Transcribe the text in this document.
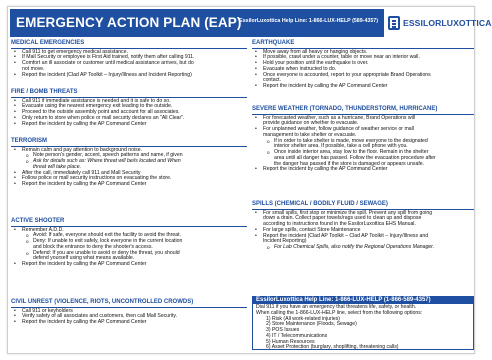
EMERGENCY ACTION PLAN (EAP)
EssilorLuxottica Help Line: 1-866-LUX-HELP (589-4357)	ESSILORLUXOTTICA
MEDICAL EMERGENCIES
• Call 911 to get emergency medical assistance.
• If Mall Security or employee is First Aid trained, notify them after calling 911.
• Comfort an ill associate or customer until medical assistance arrives, but do
not move.
• Report the incident (Clad AP Toolkit – Injury/Illness and Incident Reporting)
FIRE / BOMB THREATS
• Call 911 if immediate assistance is needed and it is safe to do so.
• Evacuate using the nearest emergency exit leading to the outside.
• Proceed to the outside assembly point and account for all associates.
• Only return to store when police or mall security declares an "All Clear".
• Report the incident by calling the AP Command Center
TERRORISM
• Remain calm and pay attention to background noise.
o Note person's gender, accent, speech patterns and name, if given
o Ask for details such as: Where threat will be/is located and When
threat will take place.
• After the call, immediately call 911 and Mall Security
• Follow police or mall security instructions on evacuating the store.
• Report the incident by calling the AP Command Center
ACTIVE SHOOTER
• Remember A.D.D.
o Avoid: If safe, everyone should exit the facility to avoid the threat.
o Deny: If unable to exit safely, lock everyone in the current location
and block the entrance to deny the shooter's access.
o Defend: If you are unable to avoid or deny the threat, you should
defend yourself using what means available.
• Report the incident by calling the AP Command Center
CIVIL UNREST (VIOLENCE, RIOTS, UNCONTROLLED CROWDS)
• Call 911 or keyholders
• Verify safety of all associates and customers, then call Mall Security.
• Report the incident by calling the AP Command Center
EARTHQUAKE
• Move away from all heavy or hanging objects.
• If possible, crawl under a counter, table or move near an interior wall.
• Hold your position until the earthquake is over.
• Evacuate when instructed to do.
• Once everyone is accounted, report to your appropriate Brand Operations
contact.
• Report the incident by calling the AP Command Center
SEVERE WEATHER (TORNADO, THUNDERSTORM, HURRICANE)
• For forecasted weather, such as a hurricane, Brand Operations will
provide guidance on whether to evacuate.
• For unplanned weather, follow guidance of weather service or mall
management to take shelter or evacuate.
o If in order to take shelter is made, move everyone to the designated
interior shelter area. If possible, take a cell phone with you.
o Once inside interior area, stay low to the floor. Remain in the shelter
area until all danger has passed. Follow the evacuation procedure after
the danger has passed if the store is damaged or appears unsafe.
• Report the incident by calling the AP Command Center
SPILLS (CHEMICAL / BODILY FLUID / SEWAGE)
• For small spills, first stop or minimize the spill. Prevent any spill from going
down a drain. Collect paper towels/rags used to clean up and dispose
according to instructions found in the EssilorLuxottica EHS Manual.
• For large spills, contact Store Maintenance
• Report the incident (Clad AP Toolkit – Clad AP Toolkit – Injury/Illness and
Incident Reporting)
o For Lab Chemical Spills, also notify the Regional Operations Manager.
EssilorLuxottica Help Line: 1-866-LUX-HELP (1-866-589-4357)
Dial 911 if you have an emergency that threatens life, safety, or health.
When calling the 1-866-LUX-HELP line, select from the following options:
1) Risk (All work-related injuries)
2) Store Maintenance (Floods, Sewage)
3) POS Issues
4) IT / Telecommunications
5) Human Resources
6) Asset Protection (burglary, shoplifting, threatening calls)
